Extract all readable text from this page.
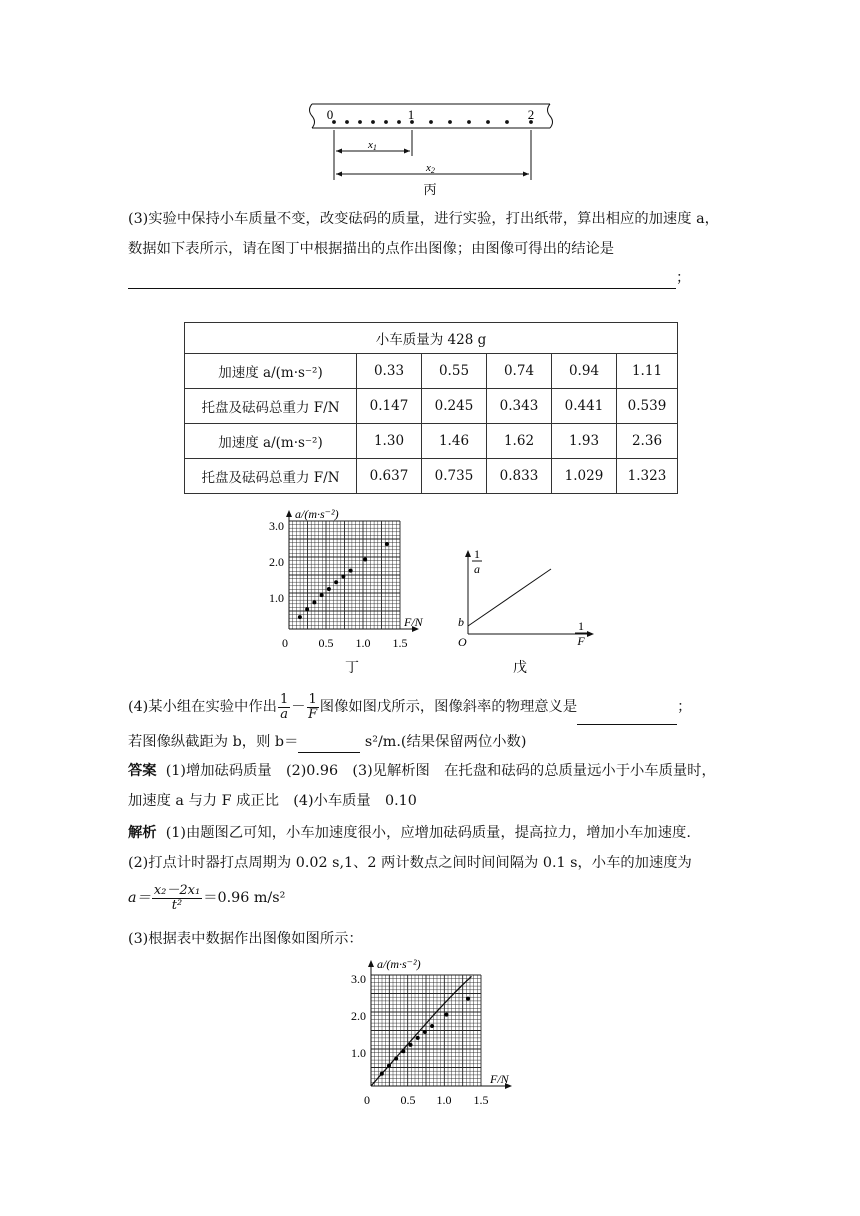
0	1	2
x1
x2
丙
(3)实验中保持小车质量不变，改变砝码的质量，进行实验，打出纸带，算出相应的加速度 a，
数据如下表所示，请在图丁中根据描出的点作出图像；由图像可得出的结论是
；
小车质量为 428 g					
加速度 a/(m·s⁻²)	0.33	0.55	0.74	0.94	1.11
托盘及砝码总重力 F/N	0.147	0.245	0.343	0.441	0.539
加速度 a/(m·s⁻²)	1.30	1.46	1.62	1.93	2.36
托盘及砝码总重力 F/N	0.637	0.735	0.833	1.029	1.323
a/(m·s⁻²)
F/N
0
1.0
2.0
3.0
0.5 1.0 1.5
丁
1
a
1
F
b
O
戊
(4)某小组在实验中作出 $\frac{1}{a} - \frac{1}{F}$ 图像如图戊所示，图像斜率的物理意义是	；
若图像纵截距为 b，则 b＝	s²/m.(结果保留两位小数)
答案 (1)增加砝码质量　(2)0.96　(3)见解析图　在托盘和砝码的总质量远小于小车质量时，
加速度 a 与力 F 成正比　(4)小车质量　0.10
解析 (1)由题图乙可知，小车加速度很小，应增加砝码质量，提高拉力，增加小车加速度.
(2)打点计时器打点周期为 0.02 s,1、2 两计数点之间时间间隔为 0.1 s，小车的加速度为
$a= \frac{\text{x₂－2x₁}}{\text{t²}} =0.96$ m/s²
(3)根据表中数据作出图像如图所示：
a/(m·s⁻²)
F/N
0
1.0
2.0
3.0
0.5 1.0 1.5
